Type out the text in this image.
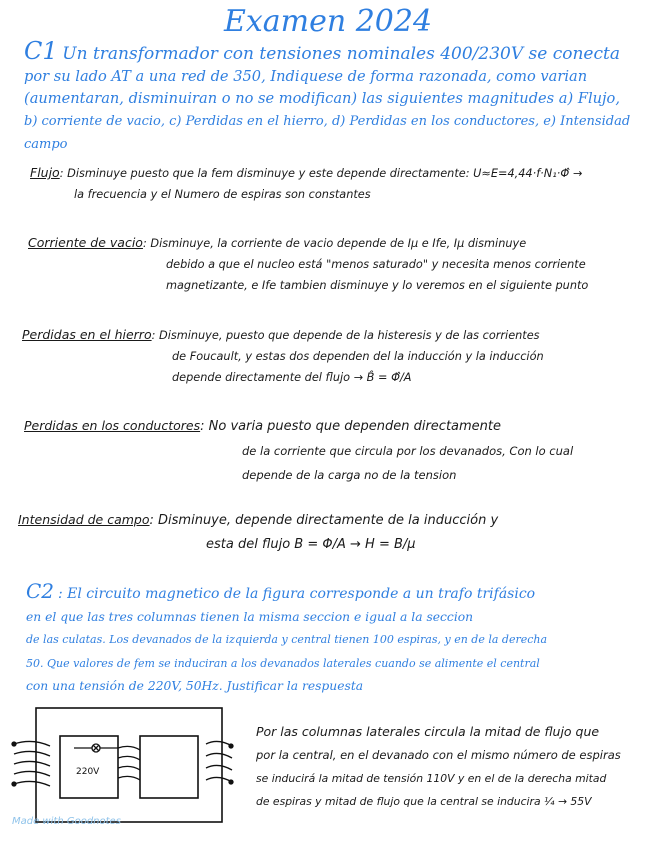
Examen 2024
C1 Un transformador con tensiones nominales 400/230V se conecta
por su lado AT a una red de 350, Indiquese de forma razonada, como varian
(aumentaran, disminuiran o no se modifican) las siguientes magnitudes a) Flujo,
b) corriente de vacio, c) Perdidas en el hierro, d) Perdidas en los conductores, e) Intensidad campo
Flujo: Disminuye puesto que la fem disminuye y este depende directamente: U≈E=4,44·f·N₁·Φ̂ →
la frecuencia y el Numero de espiras son constantes
Corriente de vacio: Disminuye, la corriente de vacio depende de Iμ e Ife, Iμ disminuye
debido a que el nucleo está "menos saturado" y necesita menos corriente
magnetizante, e Ife tambien disminuye y lo veremos en el siguiente punto
Perdidas en el hierro: Disminuye, puesto que depende de la histeresis y de las corrientes
de Foucault, y estas dos dependen del la inducción y la inducción
depende directamente del flujo → B̂ = Φ̂/A
Perdidas en los conductores: No varia puesto que dependen directamente
de la corriente que circula por los devanados, Con lo cual
depende de la carga no de la tension
Intensidad de campo: Disminuye, depende directamente de la inducción y
esta del flujo B = Φ/A → H = B/μ
C2 : El circuito magnetico de la figura corresponde a un trafo trifásico
en el que las tres columnas tienen la misma seccion e igual a la seccion
de las culatas. Los devanados de la izquierda y central tienen 100 espiras, y en de la derecha
50. Que valores de fem se induciran a los devanados laterales cuando se alimente el central
con una tensión de 220V, 50Hz. Justificar la respuesta
220V
Por las columnas laterales circula la mitad de flujo que
por la central, en el devanado con el mismo número de espiras
se inducirá la mitad de tensión 110V y en el de la derecha mitad
de espiras y mitad de flujo que la central se inducira ¼ → 55V
Made with Goodnotes
